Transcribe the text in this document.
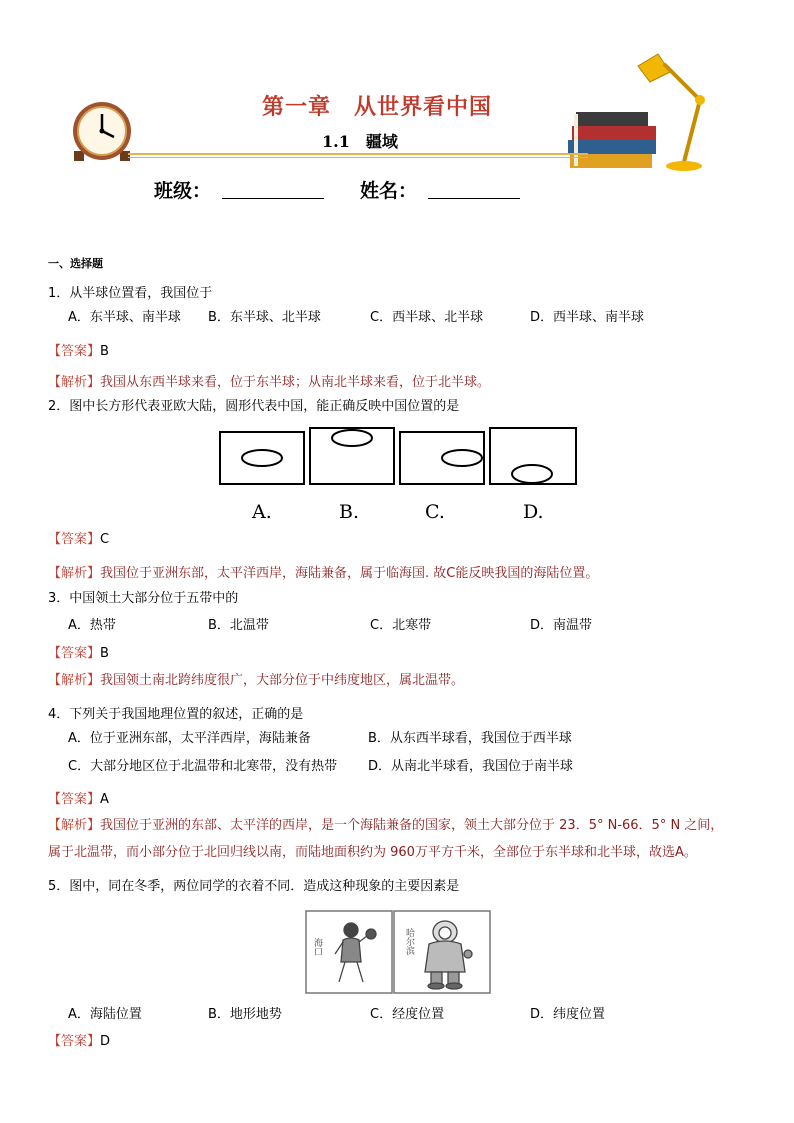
第一章　从世界看中国
1.1　疆域
班级：	姓名：
一、选择题
1．从半球位置看，我国位于
A．东半球、南半球 B．东半球、北半球	C．西半球、北半球	D．西半球、南半球
【答案】B
【解析】我国从东西半球来看，位于东半球；从南北半球来看，位于北半球。
2．图中长方形代表亚欧大陆，圆形代表中国，能正确反映中国位置的是
A.	B.	C.	D.
【答案】C
【解析】我国位于亚洲东部，太平洋西岸，海陆兼备，属于临海国. 故C能反映我国的海陆位置。
3．中国领土大部分位于五带中的
A．热带	B．北温带	C．北寒带	D．南温带
【答案】B
【解析】我国领土南北跨纬度很广，大部分位于中纬度地区，属北温带。
4．下列关于我国地理位置的叙述，正确的是
A．位于亚洲东部，太平洋西岸，海陆兼备	B．从东西半球看，我国位于西半球
C．大部分地区位于北温带和北寒带，没有热带 D．从南北半球看，我国位于南半球
【答案】A
【解析】我国位于亚洲的东部、太平洋的西岸，是一个海陆兼备的国家，领土大部分位于 23．5° N-66．5° N 之间，
属于北温带，而小部分位于北回归线以南，而陆地面积约为 960万平方千米，全部位于东半球和北半球，故选A。
5．图中，同在冬季，两位同学的衣着不同．造成这种现象的主要因素是
海口	哈尔滨
A．海陆位置	B．地形地势	C．经度位置	D．纬度位置
【答案】D
